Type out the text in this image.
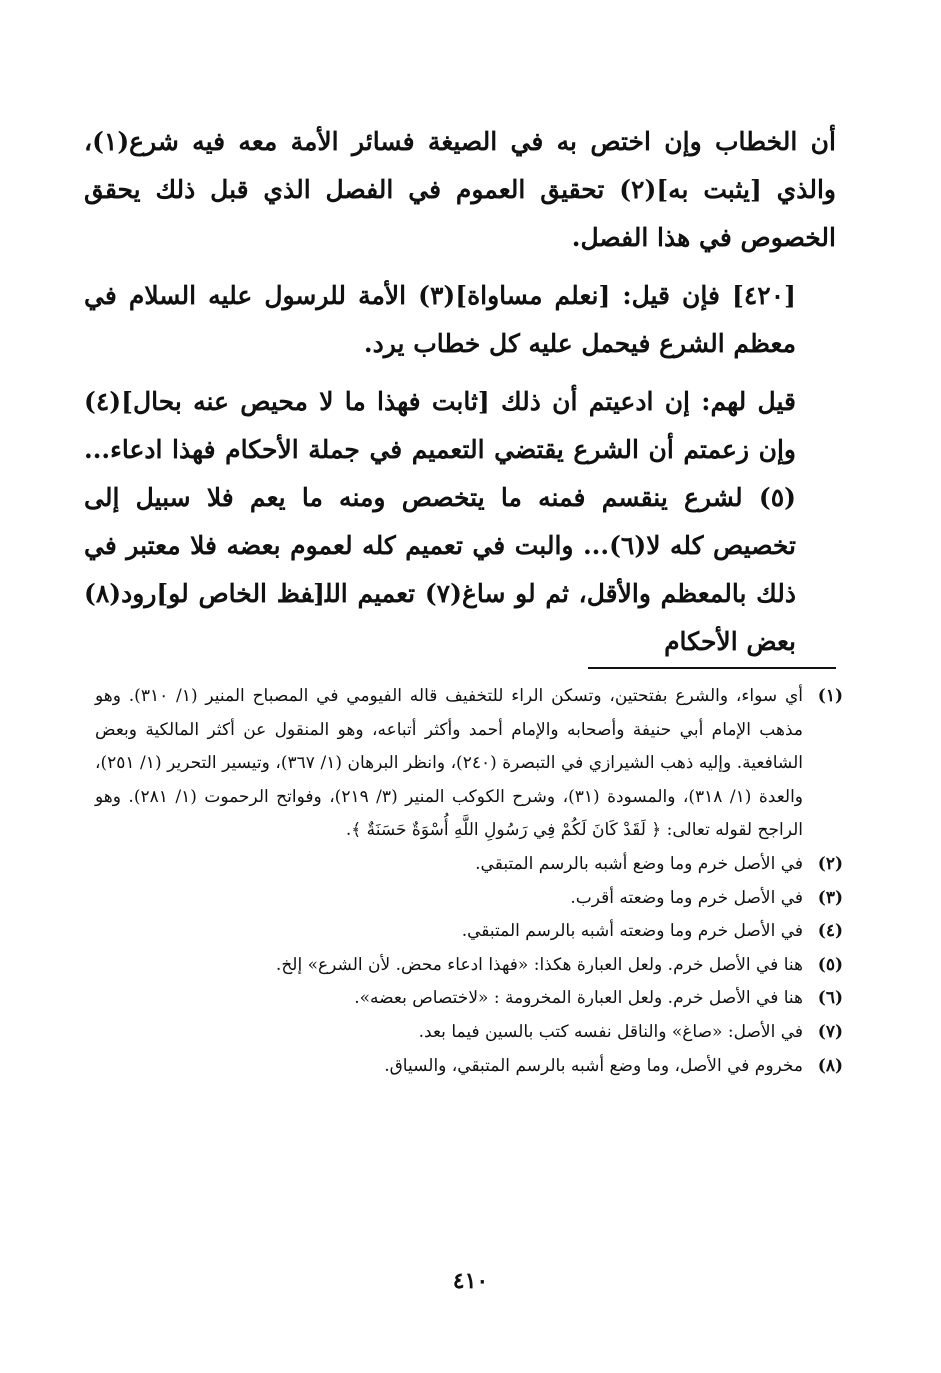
أن الخطاب وإن اختص به في الصيغة فسائر الأمة معه فيه شرع(١)، والذي [يثبت به](٢) تحقيق العموم في الفصل الذي قبل ذلك يحقق الخصوص في هذا الفصل.

[٤٢٠] فإن قيل: [نعلم مساواة](٣) الأمة للرسول عليه السلام في معظم الشرع فيحمل عليه كل خطاب يرد.

قيل لهم: إن ادعيتم أن ذلك [ثابت فهذا ما لا محيص عنه بحال](٤) وإن زعمتم أن الشرع يقتضي التعميم في جملة الأحكام فهذا ادعاء... (٥) لشرع ينقسم فمنه ما يتخصص ومنه ما يعم فلا سبيل إلى تخصيص كله لا(٦)... والبت في تعميم كله لعموم بعضه فلا معتبر في ذلك بالمعظم والأقل، ثم لو ساغ(٧) تعميم الل‍[‍فظ الخاص لو]رود(٨) بعض الأحكام

(١)
أي سواء، والشرع بفتحتين، وتسكن الراء للتخفيف قاله الفيومي في المصباح المنير (١/ ٣١٠). وهو مذهب الإمام أبي حنيفة وأصحابه والإمام أحمد وأكثر أتباعه، وهو المنقول عن أكثر المالكية وبعض الشافعية. وإليه ذهب الشيرازي في التبصرة (٢٤٠)، وانظر البرهان (١/ ٣٦٧)، وتيسير التحرير (١/ ٢٥١)، والعدة (١/ ٣١٨)، والمسودة (٣١)، وشرح الكوكب المنير (٣/ ٢١٩)، وفواتح الرحموت (١/ ٢٨١). وهو الراجح لقوله تعالى: ﴿ لَقَدْ كَانَ لَكُمْ فِي رَسُولِ اللَّهِ أُسْوَةٌ حَسَنَةٌ ﴾.
(٢)
في الأصل خرم وما وضع أشبه بالرسم المتبقي.
(٣)
في الأصل خرم وما وضعته أقرب.
(٤)
في الأصل خرم وما وضعته أشبه بالرسم المتبقي.
(٥)
هنا في الأصل خرم. ولعل العبارة هكذا: «فهذا ادعاء محض. لأن الشرع» إلخ.
(٦)
هنا في الأصل خرم. ولعل العبارة المخرومة : «لاختصاص بعضه».
(٧)
في الأصل: «صاغ» والناقل نفسه كتب بالسين فيما بعد.
(٨)
مخروم في الأصل، وما وضع أشبه بالرسم المتبقي، والسياق.
٤١٠
